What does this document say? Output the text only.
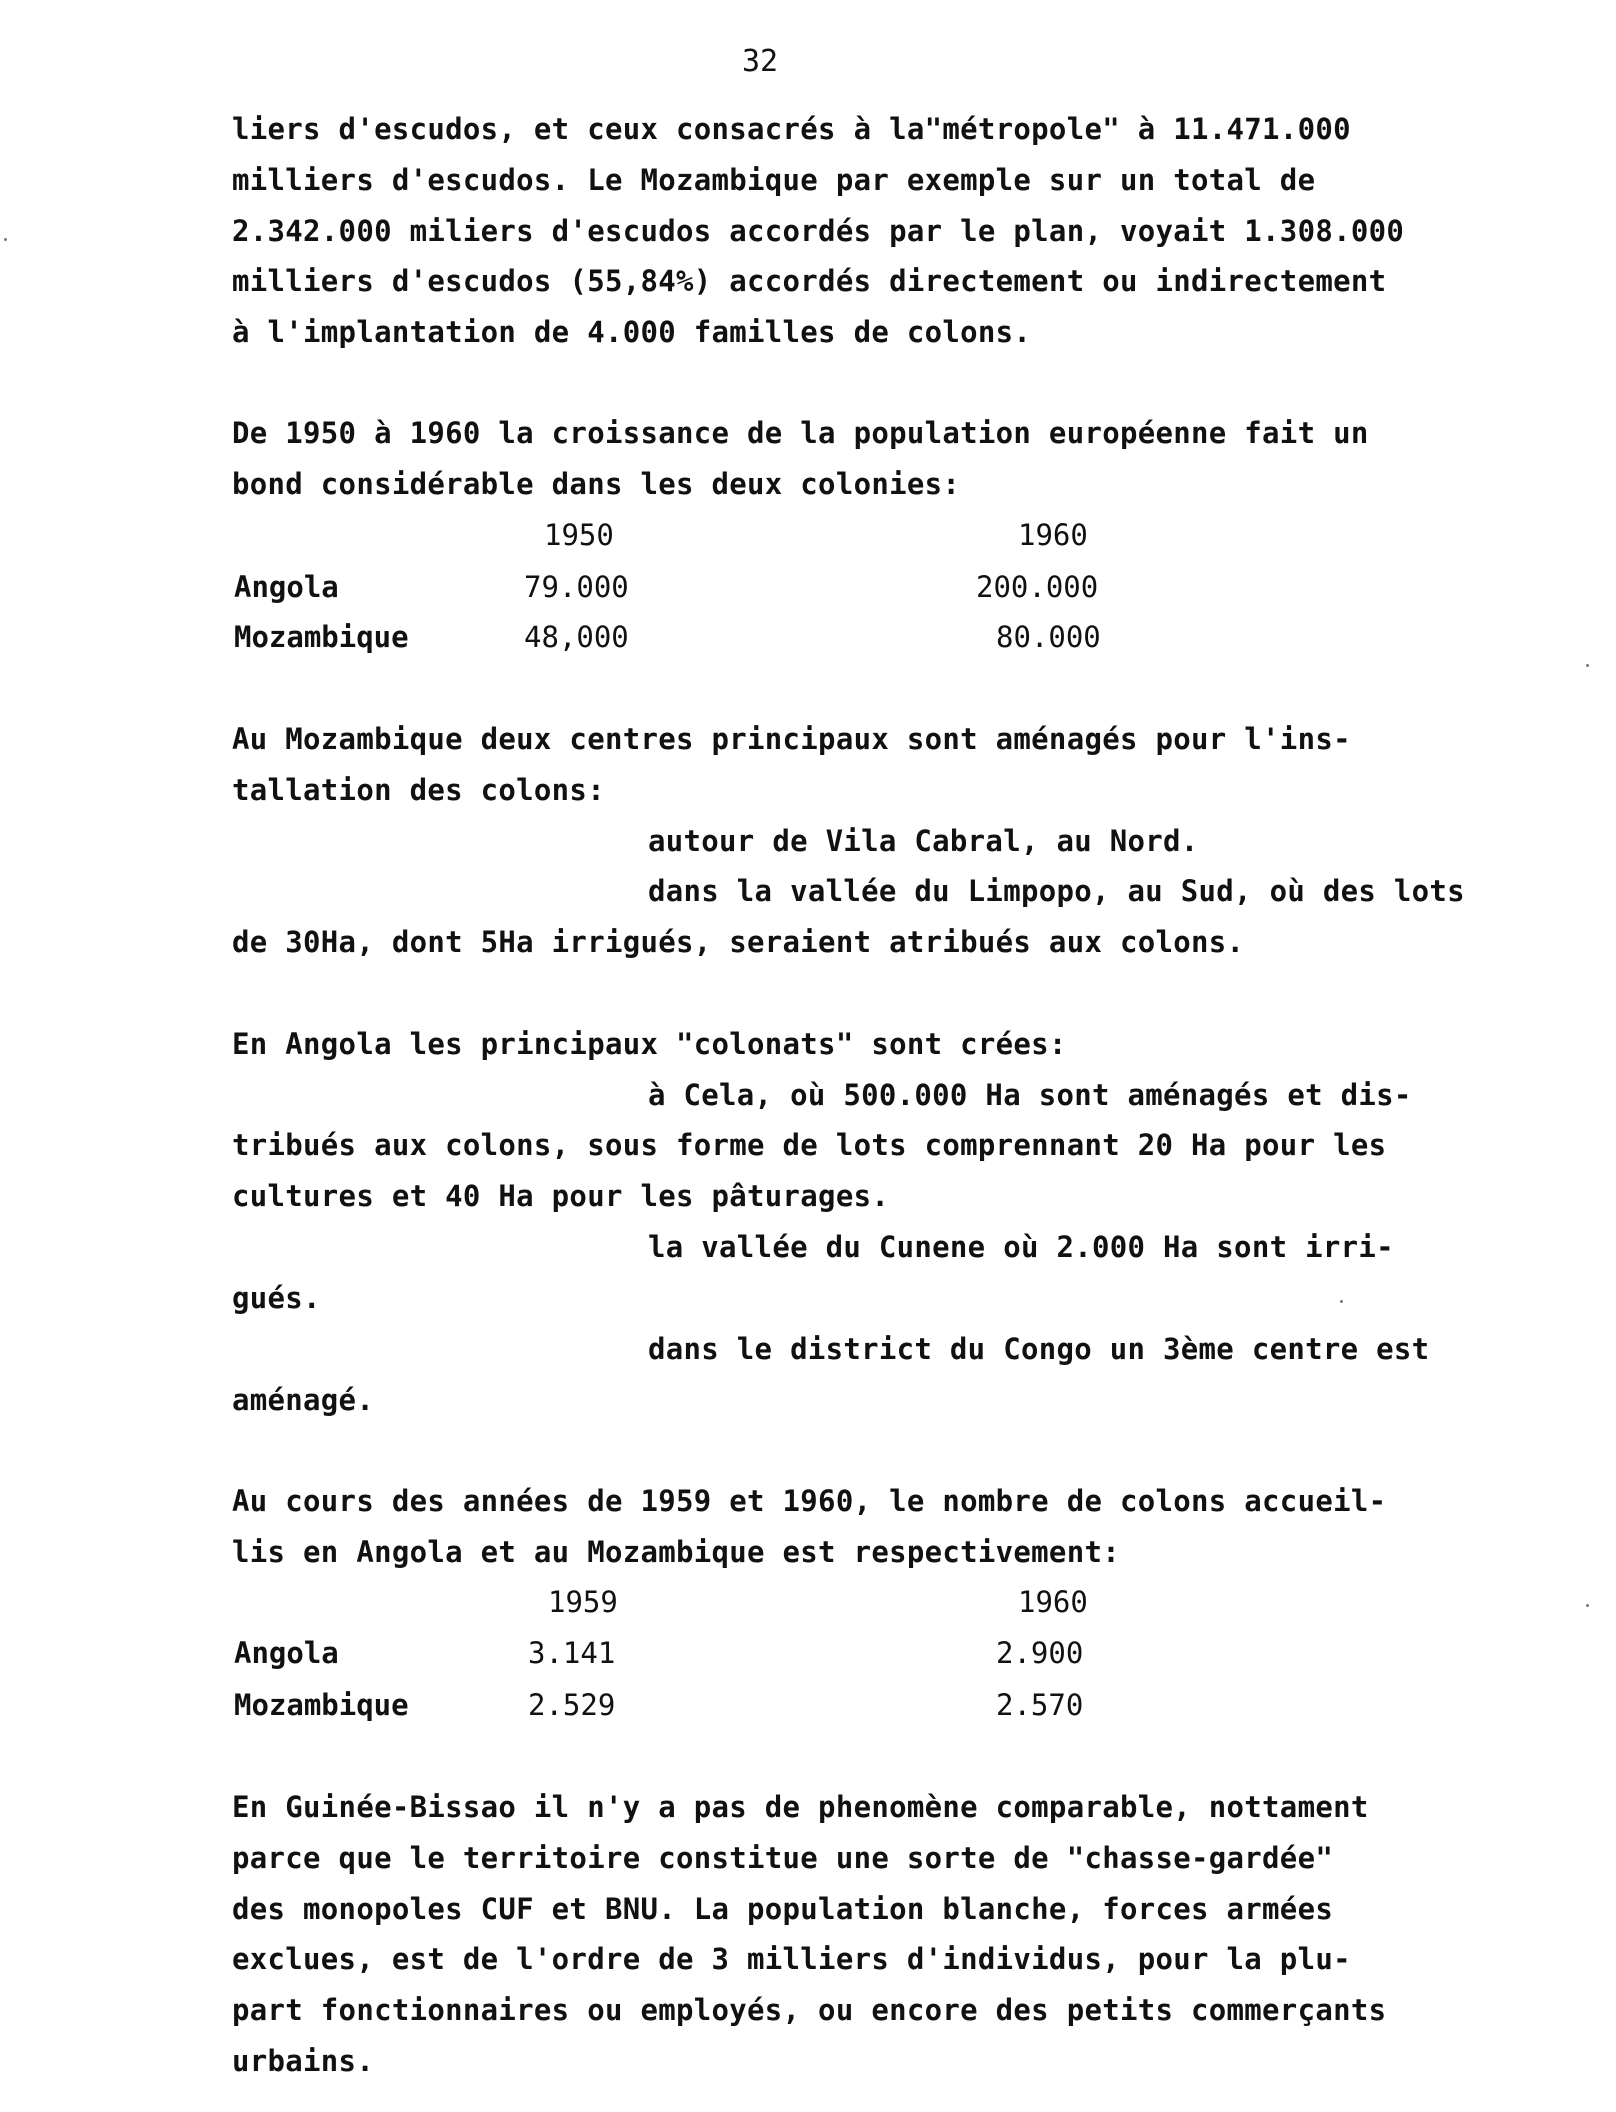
32
liers d'escudos, et ceux consacrés à la"métropole" à 11.471.000
milliers d'escudos. Le Mozambique par exemple sur un total de
2.342.000 miliers d'escudos accordés par le plan, voyait 1.308.000
milliers d'escudos (55,84%) accordés directement ou indirectement
à l'implantation de 4.000 familles de colons.
De 1950 à 1960 la croissance de la population européenne fait un
bond considérable dans les deux colonies:
1950	1960
Angola	79.000	200.000
Mozambique	48,000	80.000
Au Mozambique deux centres principaux sont aménagés pour l'ins-
tallation des colons:
autour de Vila Cabral, au Nord.
dans la vallée du Limpopo, au Sud, où des lots
de 30Ha, dont 5Ha irrigués, seraient atribués aux colons.
En Angola les principaux "colonats" sont crées:
à Cela, où 500.000 Ha sont aménagés et dis-
tribués aux colons, sous forme de lots comprennant 20 Ha pour les
cultures et 40 Ha pour les pâturages.
la vallée du Cunene où 2.000 Ha sont irri-
gués.
dans le district du Congo un 3ème centre est
aménagé.
Au cours des années de 1959 et 1960, le nombre de colons accueil-
lis en Angola et au Mozambique est respectivement:
1959	1960
Angola	3.141	2.900
Mozambique	2.529	2.570
En Guinée-Bissao il n'y a pas de phenomène comparable, nottament
parce que le territoire constitue une sorte de "chasse-gardée"
des monopoles CUF et BNU. La population blanche, forces armées
exclues, est de l'ordre de 3 milliers d'individus, pour la plu-
part fonctionnaires ou employés, ou encore des petits commerçants
urbains.
